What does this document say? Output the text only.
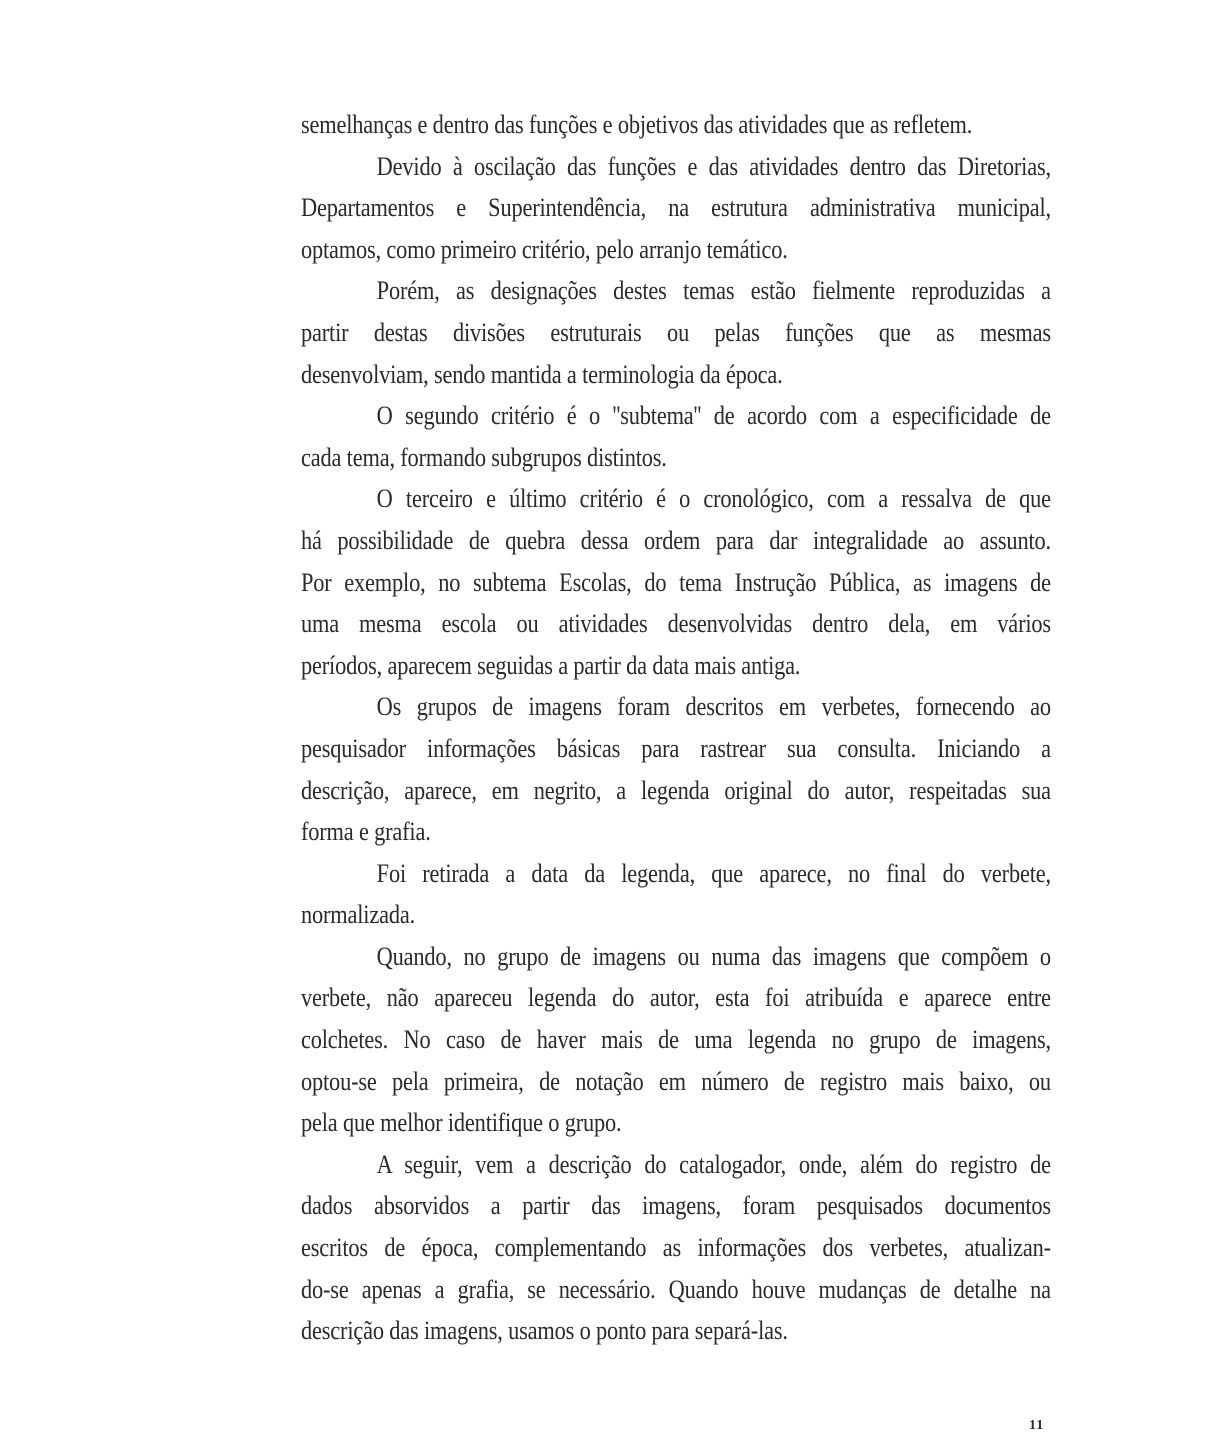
semelhanças e dentro das funções e objetivos das atividades que as refletem.
Devido à oscilação das funções e das atividades dentro das Diretorias,
Departamentos e Superintendência, na estrutura administrativa municipal,
optamos, como primeiro critério, pelo arranjo temático.
Porém, as designações destes temas estão fielmente reproduzidas a
partir destas divisões estruturais ou pelas funções que as mesmas
desenvolviam, sendo mantida a terminologia da época.
O segundo critério é o ''subtema'' de acordo com a especificidade de
cada tema, formando subgrupos distintos.
O terceiro e último critério é o cronológico, com a ressalva de que
há possibilidade de quebra dessa ordem para dar integralidade ao assunto.
Por exemplo, no subtema Escolas, do tema Instrução Pública, as imagens de
uma mesma escola ou atividades desenvolvidas dentro dela, em vários
períodos, aparecem seguidas a partir da data mais antiga.
Os grupos de imagens foram descritos em verbetes, fornecendo ao
pesquisador informações básicas para rastrear sua consulta. Iniciando a
descrição, aparece, em negrito, a legenda original do autor, respeitadas sua
forma e grafia.
Foi retirada a data da legenda, que aparece, no final do verbete,
normalizada.
Quando, no grupo de imagens ou numa das imagens que compõem o
verbete, não apareceu legenda do autor, esta foi atribuída e aparece entre
colchetes. No caso de haver mais de uma legenda no grupo de imagens,
optou-se pela primeira, de notação em número de registro mais baixo, ou
pela que melhor identifique o grupo.
A seguir, vem a descrição do catalogador, onde, além do registro de
dados absorvidos a partir das imagens, foram pesquisados documentos
escritos de época, complementando as informações dos verbetes, atualizan-
do-se apenas a grafia, se necessário. Quando houve mudanças de detalhe na
descrição das imagens, usamos o ponto para separá-las.
11
